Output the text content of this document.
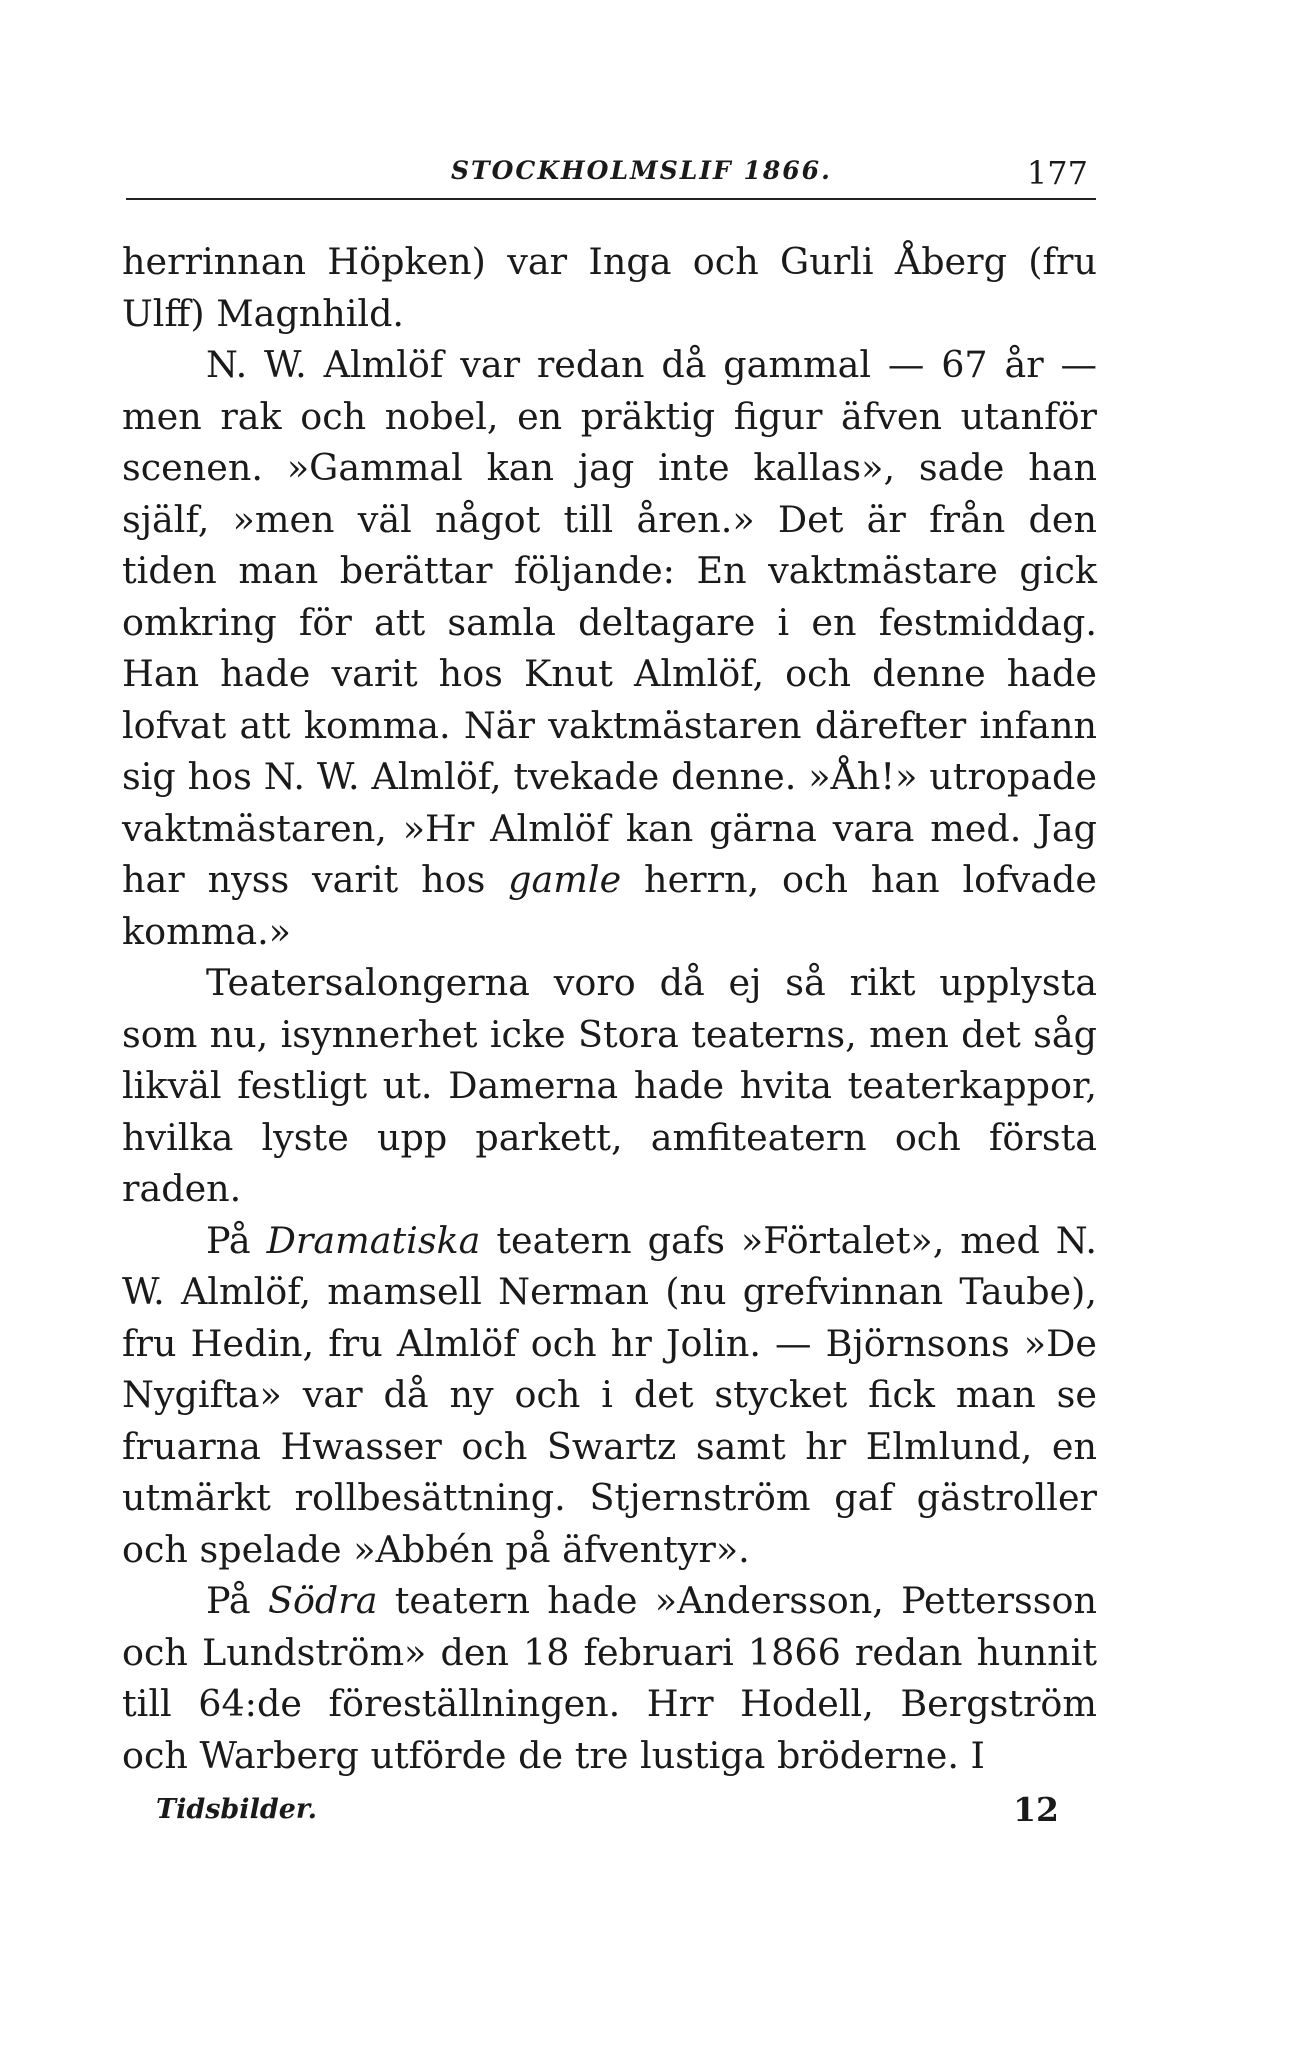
STOCKHOLMSLIF 1866.	177

herrinnan Höpken) var Inga och Gurli Åberg (fru Ulff) Magnhild.

N. W. Almlöf var redan då gammal — 67 år — men rak och nobel, en präktig figur äfven utanför scenen. »Gammal kan jag inte kallas», sade han själf, »men väl något till åren.» Det är från den tiden man berättar följande: En vaktmästare gick omkring för att samla deltagare i en festmiddag. Han hade varit hos Knut Almlöf, och denne hade lofvat att komma. När vaktmästaren därefter infann sig hos N. W. Almlöf, tvekade denne. »Åh!» utropade vaktmästaren, »Hr Almlöf kan gärna vara med. Jag har nyss varit hos gamle herrn, och han lofvade komma.»

Teatersalongerna voro då ej så rikt upplysta som nu, isynnerhet icke Stora teaterns, men det såg likväl festligt ut. Damerna hade hvita teaterkappor, hvilka lyste upp parkett, amfiteatern och första raden.

På Dramatiska teatern gafs »Förtalet», med N. W. Almlöf, mamsell Nerman (nu grefvinnan Taube), fru Hedin, fru Almlöf och hr Jolin. — Björnsons »De Nygifta» var då ny och i det stycket fick man se fruarna Hwasser och Swartz samt hr Elmlund, en utmärkt rollbesättning. Stjernström gaf gästroller och spelade »Abbén på äfventyr».

På Södra teatern hade »Andersson, Pettersson och Lundström» den 18 februari 1866 redan hunnit till 64:de föreställningen. Hrr Hodell, Bergström och Warberg utförde de tre lustiga bröderne. I

Tidsbilder.	12
